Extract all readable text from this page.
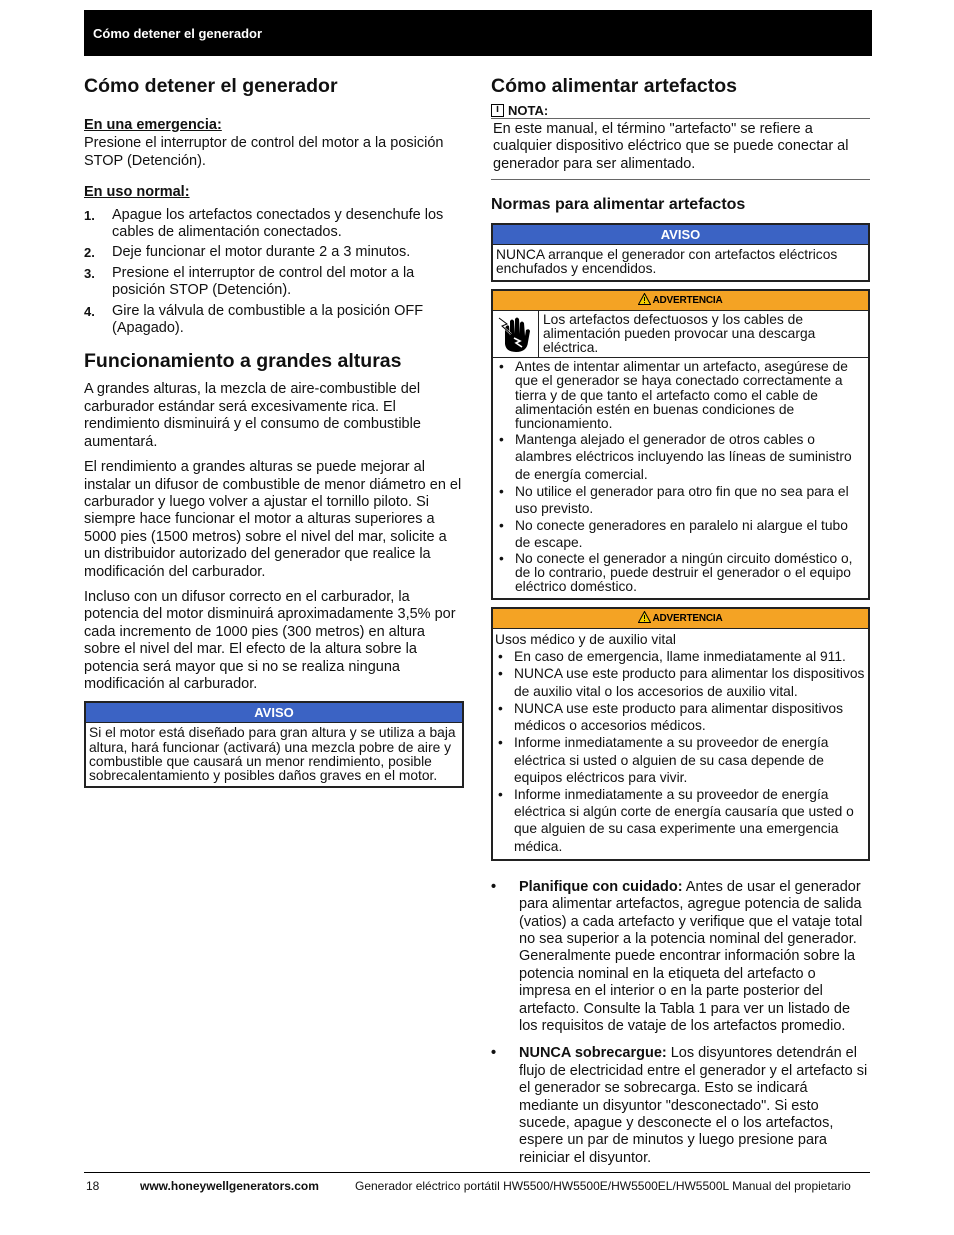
Cómo detener el generador
Cómo detener el generador
En una emergencia:

Presione el interruptor de control del motor a la posición STOP (Detención).

En uso normal:
1. Apague los artefactos conectados y desenchufe los cables de alimentación conectados.
2. Deje funcionar el motor durante 2 a 3 minutos.
3. Presione el interruptor de control del motor a la posición STOP (Detención).
4. Gire la válvula de combustible a la posición OFF (Apagado).
Funcionamiento a grandes alturas

A grandes alturas, la mezcla de aire-combustible del carburador estándar será excesivamente rica. El rendimiento disminuirá y el consumo de combustible aumentará.

El rendimiento a grandes alturas se puede mejorar al instalar un difusor de combustible de menor diámetro en el carburador y luego volver a ajustar el tornillo piloto. Si siempre hace funcionar el motor a alturas superiores a 5000 pies (1500 metros) sobre el nivel del mar, solicite a un distribuidor autorizado del generador que realice la modificación del carburador.

Incluso con un difusor correcto en el carburador, la potencia del motor disminuirá aproximadamente 3,5% por cada incremento de 1000 pies (300 metros) en altura sobre el nivel del mar. El efecto de la altura sobre la potencia será mayor que si no se realiza ninguna modificación al carburador.

AVISO
Si el motor está diseñado para gran altura y se utiliza a baja altura, hará funcionar (activará) una mezcla pobre de aire y combustible que causará un menor rendimiento, posible sobrecalentamiento y posibles daños graves en el motor.
Cómo alimentar artefactos
iNOTA:
En este manual, el término "artefacto" se refiere a cualquier dispositivo eléctrico que se puede conectar al generador para ser alimentado.
Normas para alimentar artefactos
AVISO
NUNCA arranque el generador con artefactos eléctricos enchufados y encendidos.
ADVERTENCIA
Los artefactos defectuosos y los cables de alimentación pueden provocar una descarga eléctrica.
• Antes de intentar alimentar un artefacto, asegúrese de que el generador se haya conectado correctamente a tierra y de que tanto el artefacto como el cable de alimentación estén en buenas condiciones de funcionamiento.
• Mantenga alejado el generador de otros cables o alambres eléctricos incluyendo las líneas de suministro de energía comercial.
• No utilice el generador para otro fin que no sea para el uso previsto.
• No conecte generadores en paralelo ni alargue el tubo de escape.
• No conecte el generador a ningún circuito doméstico o, de lo contrario, puede destruir el generador o el equipo eléctrico doméstico.
ADVERTENCIA
Usos médico y de auxilio vital
• En caso de emergencia, llame inmediatamente al 911.
• NUNCA use este producto para alimentar los dispositivos de auxilio vital o los accesorios de auxilio vital.
• NUNCA use este producto para alimentar dispositivos médicos o accesorios médicos.
• Informe inmediatamente a su proveedor de energía eléctrica si usted o alguien de su casa depende de equipos eléctricos para vivir.
• Informe inmediatamente a su proveedor de energía eléctrica si algún corte de energía causaría que usted o que alguien de su casa experimente una emergencia médica.
• Planifique con cuidado: Antes de usar el generador para alimentar artefactos, agregue potencia de salida (vatios) a cada artefacto y verifique que el vataje total no sea superior a la potencia nominal del generador. Generalmente puede encontrar información sobre la potencia nominal en la etiqueta del artefacto o impresa en el interior o en la parte posterior del artefacto. Consulte la Tabla 1 para ver un listado de los requisitos de vataje de los artefactos promedio.
• NUNCA sobrecargue: Los disyuntores detendrán el flujo de electricidad entre el generador y el artefacto si el generador se sobrecarga. Esto se indicará mediante un disyuntor "desconectado". Si esto sucede, apague y desconecte el o los artefactos, espere un par de minutos y luego presione para reiniciar el disyuntor.
18	www.honeywellgenerators.com	Generador eléctrico portátil HW5500/HW5500E/HW5500EL/HW5500L Manual del propietario
